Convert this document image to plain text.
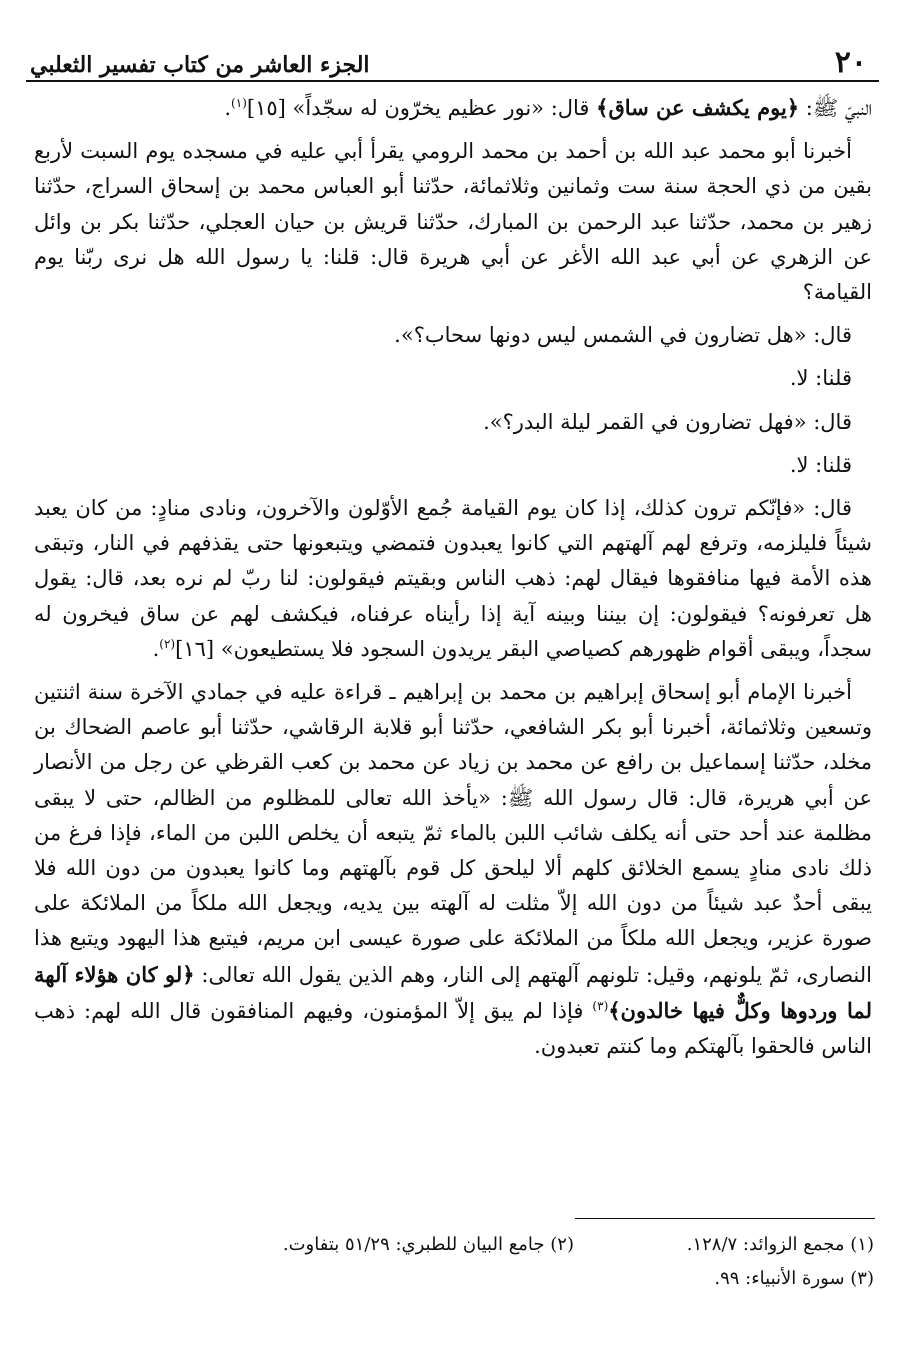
٢٠
الجزء العاشر من كتاب تفسير الثعلبي

النبيّ ﷺ: ﴿يوم يكشف عن ساق﴾ قال: «نور عظيم يخرّون له سجّداً» [١٥]$^{(١)}$.

أخبرنا أبو محمد عبد الله بن أحمد بن محمد الرومي يقرأ أبي عليه في مسجده يوم السبت لأربع بقين من ذي الحجة سنة ست وثمانين وثلاثمائة، حدّثنا أبو العباس محمد بن إسحاق السراج، حدّثنا زهير بن محمد، حدّثنا عبد الرحمن بن المبارك، حدّثنا قريش بن حيان العجلي، حدّثنا بكر بن وائل عن الزهري عن أبي عبد الله الأغر عن أبي هريرة قال: قلنا: يا رسول الله هل نرى ربّنا يوم القيامة؟

قال: «هل تضارون في الشمس ليس دونها سحاب؟».

قلنا: لا.

قال: «فهل تضارون في القمر ليلة البدر؟».

قلنا: لا.

قال: «فإنّكم ترون كذلك، إذا كان يوم القيامة جُمع الأوّلون والآخرون، ونادى منادٍ: من كان يعبد شيئاً فليلزمه، وترفع لهم آلهتهم التي كانوا يعبدون فتمضي ويتبعونها حتى يقذفهم في النار، وتبقى هذه الأمة فيها منافقوها فيقال لهم: ذهب الناس وبقيتم فيقولون: لنا ربّ لم نره بعد، قال: يقول هل تعرفونه؟ فيقولون: إن بيننا وبينه آية إذا رأيناه عرفناه، فيكشف لهم عن ساق فيخرون له سجداً، ويبقى أقوام ظهورهم كصياصي البقر يريدون السجود فلا يستطيعون» [١٦]$^{(٢)}$.

أخبرنا الإمام أبو إسحاق إبراهيم بن محمد بن إبراهيم ـ قراءة عليه في جمادي الآخرة سنة اثنتين وتسعين وثلاثمائة، أخبرنا أبو بكر الشافعي، حدّثنا أبو قلابة الرقاشي، حدّثنا أبو عاصم الضحاك بن مخلد، حدّثنا إسماعيل بن رافع عن محمد بن زياد عن محمد بن كعب القرظي عن رجل من الأنصار عن أبي هريرة، قال: قال رسول الله ﷺ: «يأخذ الله تعالى للمظلوم من الظالم، حتى لا يبقى مظلمة عند أحد حتى أنه يكلف شائب اللبن بالماء ثمّ يتبعه أن يخلص اللبن من الماء، فإذا فرغ من ذلك نادى منادٍ يسمع الخلائق كلهم ألا ليلحق كل قوم بآلهتهم وما كانوا يعبدون من دون الله فلا يبقى أحدٌ عبد شيئاً من دون الله إلاّ مثلت له آلهته بين يديه، ويجعل الله ملكاً من الملائكة على صورة عزير، ويجعل الله ملكاً من الملائكة على صورة عيسى ابن مريم، فيتبع هذا اليهود ويتبع هذا النصارى، ثمّ يلونهم، وقيل: تلونهم آلهتهم إلى النار، وهم الذين يقول الله تعالى: ﴿لو كان هؤلاء آلهة لما وردوها وكلٌّ فيها خالدون﴾$^{(٣)}$ فإذا لم يبق إلاّ المؤمنون، وفيهم المنافقون قال الله لهم: ذهب الناس فالحقوا بآلهتكم وما كنتم تعبدون.

(١) مجمع الزوائد: ١٢٨/٧.
(٢) جامع البيان للطبري: ٥١/٢٩ بتفاوت.
(٣) سورة الأنبياء: ٩٩.
